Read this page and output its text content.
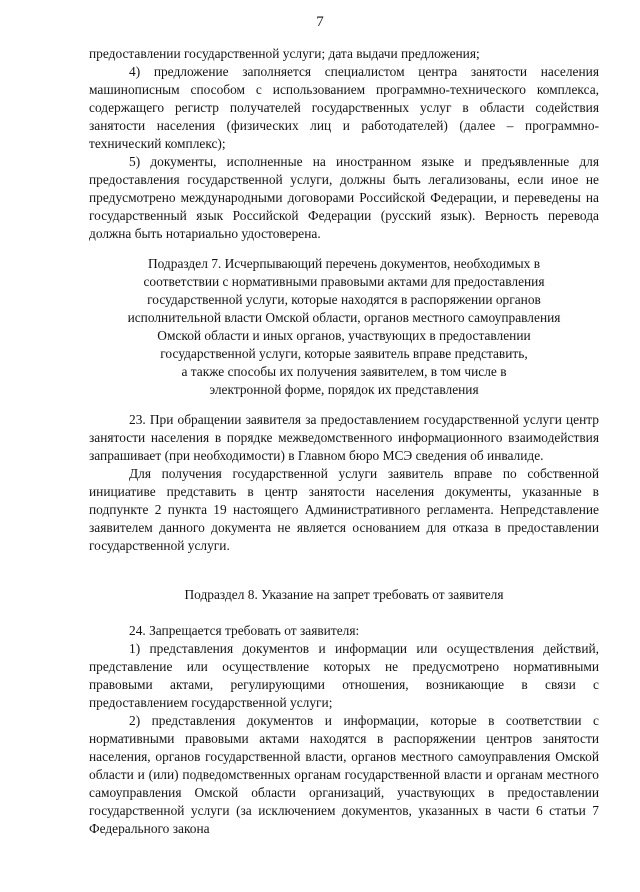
7

предоставлении государственной услуги; дата выдачи предложения;

4) предложение заполняется специалистом центра занятости населения машинописным способом с использованием программно-технического комплекса, содержащего регистр получателей государственных услуг в области содействия занятости населения (физических лиц и работодателей) (далее – программно-технический комплекс);

5) документы, исполненные на иностранном языке и предъявленные для предоставления государственной услуги, должны быть легализованы, если иное не предусмотрено международными договорами Российской Федерации, и переведены на государственный язык Российской Федерации (русский язык). Верность перевода должна быть нотариально удостоверена.

Подраздел 7. Исчерпывающий перечень документов, необходимых в
соответствии с нормативными правовыми актами для предоставления
государственной услуги, которые находятся в распоряжении органов
исполнительной власти Омской области, органов местного самоуправления
Омской области и иных органов, участвующих в предоставлении
государственной услуги, которые заявитель вправе представить,
а также способы их получения заявителем, в том числе в
электронной форме, порядок их представления

23. При обращении заявителя за предоставлением государственной услуги центр занятости населения в порядке межведомственного информационного взаимодействия запрашивает (при необходимости) в Главном бюро МСЭ сведения об инвалиде.

Для получения государственной услуги заявитель вправе по собственной инициативе представить в центр занятости населения документы, указанные в подпункте 2 пункта 19 настоящего Административного регламента. Непредставление заявителем данного документа не является основанием для отказа в предоставлении государственной услуги.

Подраздел 8. Указание на запрет требовать от заявителя

24. Запрещается требовать от заявителя:

1) представления документов и информации или осуществления действий, представление или осуществление которых не предусмотрено нормативными правовыми актами, регулирующими отношения, возникающие в связи с предоставлением государственной услуги;

2) представления документов и информации, которые в соответствии с нормативными правовыми актами находятся в распоряжении центров занятости населения, органов государственной власти, органов местного самоуправления Омской области и (или) подведомственных органам государственной власти и органам местного самоуправления Омской области организаций, участвующих в предоставлении государственной услуги (за исключением документов, указанных в части 6 статьи 7 Федерального закона
